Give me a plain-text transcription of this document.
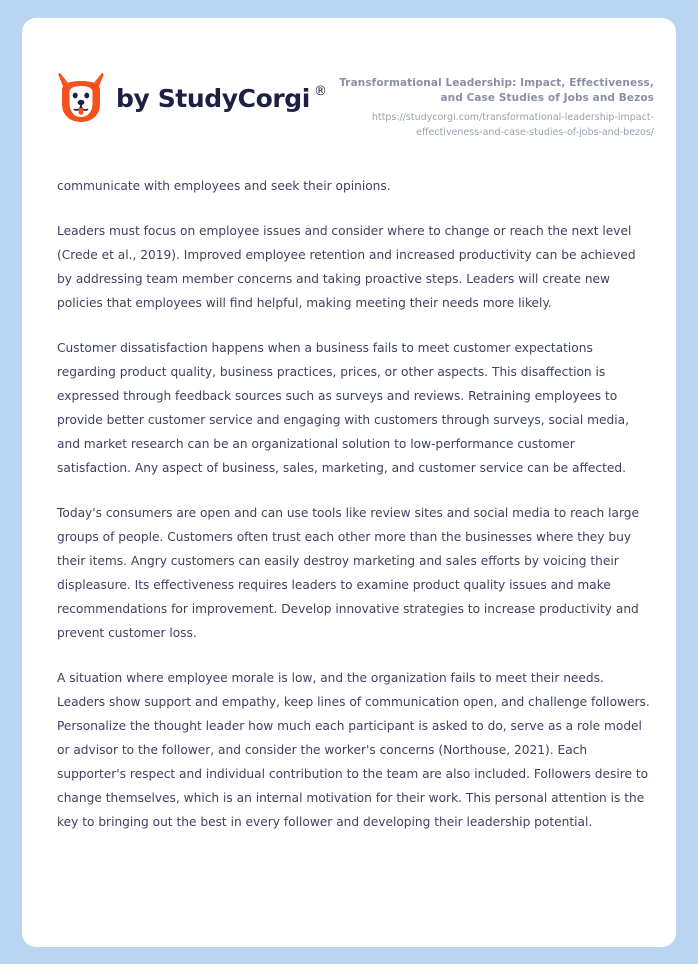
by StudyCorgi ®
Transformational Leadership: Impact, Effectiveness, and Case Studies of Jobs and Bezos
https://studycorgi.com/transformational-leadership-impact-effectiveness-and-case-studies-of-jobs-and-bezos/

communicate with employees and seek their opinions.

Leaders must focus on employee issues and consider where to change or reach the next level (Crede et al., 2019). Improved employee retention and increased productivity can be achieved by addressing team member concerns and taking proactive steps. Leaders will create new policies that employees will find helpful, making meeting their needs more likely.

Customer dissatisfaction happens when a business fails to meet customer expectations regarding product quality, business practices, prices, or other aspects. This disaffection is expressed through feedback sources such as surveys and reviews. Retraining employees to provide better customer service and engaging with customers through surveys, social media, and market research can be an organizational solution to low-performance customer satisfaction. Any aspect of business, sales, marketing, and customer service can be affected.

Today's consumers are open and can use tools like review sites and social media to reach large groups of people. Customers often trust each other more than the businesses where they buy their items. Angry customers can easily destroy marketing and sales efforts by voicing their displeasure. Its effectiveness requires leaders to examine product quality issues and make recommendations for improvement. Develop innovative strategies to increase productivity and prevent customer loss.

A situation where employee morale is low, and the organization fails to meet their needs. Leaders show support and empathy, keep lines of communication open, and challenge followers. Personalize the thought leader how much each participant is asked to do, serve as a role model or advisor to the follower, and consider the worker's concerns (Northouse, 2021). Each supporter's respect and individual contribution to the team are also included. Followers desire to change themselves, which is an internal motivation for their work. This personal attention is the key to bringing out the best in every follower and developing their leadership potential.
